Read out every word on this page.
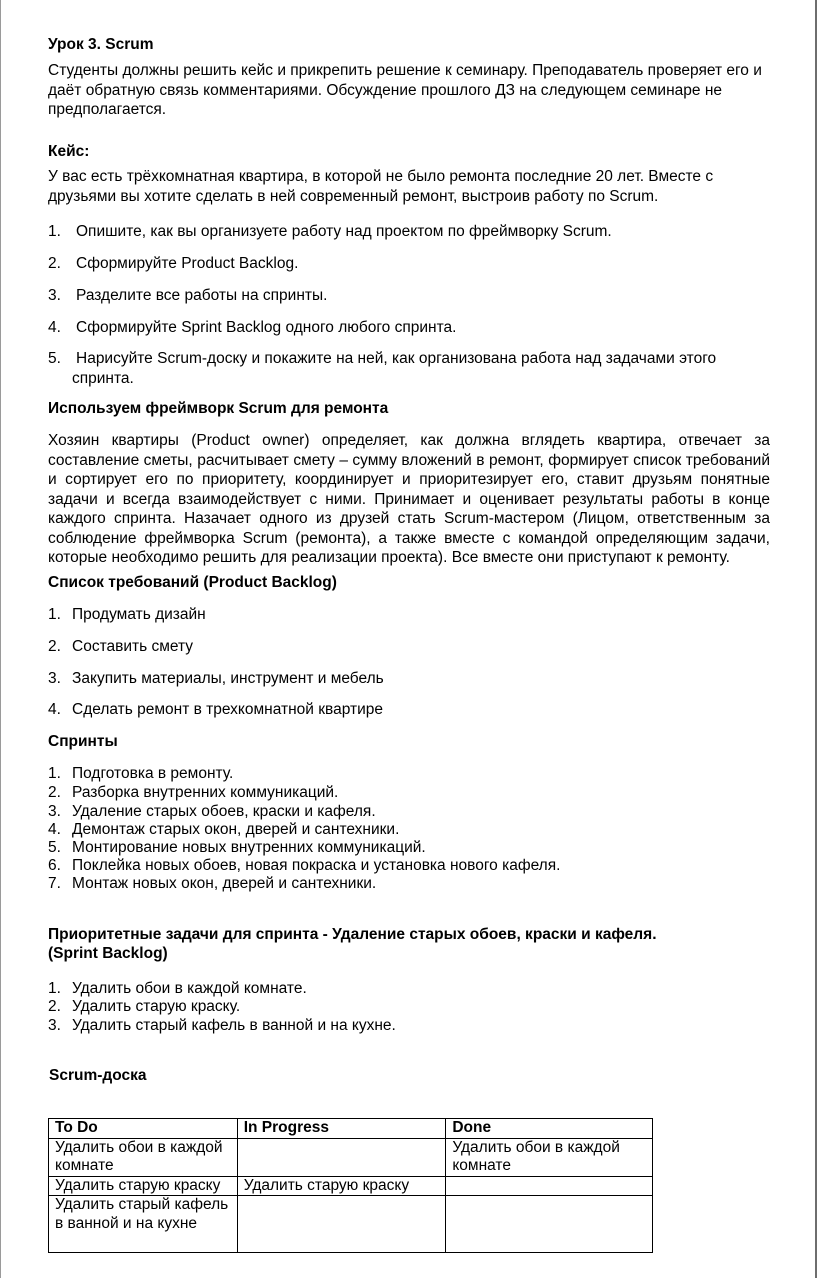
Урок 3. Scrum
Студенты должны решить кейс и прикрепить решение к семинару. Преподаватель проверяет его и даёт обратную связь комментариями. Обсуждение прошлого ДЗ на следующем семинаре не предполагается.
Кейс:
У вас есть трёхкомнатная квартира, в которой не было ремонта последние 20 лет. Вместе с друзьями вы хотите сделать в ней современный ремонт, выстроив работу по Scrum.
1. Опишите, как вы организуете работу над проектом по фреймворку Scrum.
2. Сформируйте Product Backlog.
3. Разделите все работы на спринты.
4. Сформируйте Sprint Backlog одного любого спринта.
5. Нарисуйте Scrum-доску и покажите на ней, как организована работа над задачами этого спринта.
Используем фреймворк Scrum для ремонта
Хозяин квартиры (Product owner) определяет, как должна вглядеть квартира, отвечает за составление сметы, расчитывает смету – сумму вложений в ремонт, формирует список требований и сортирует его по приоритету, координирует и приоритезирует его, ставит друзьям понятные задачи и всегда взаимодействует с ними. Принимает и оценивает результаты работы в конце каждого спринта. Назачает одного из друзей стать Scrum-мастером (Лицом, ответственным за соблюдение фреймворка Scrum (ремонта), а также вместе с командой определяющим задачи, которые необходимо решить для реализации проекта). Все вместе они приступают к ремонту.
Список требований (Product Backlog)
1. Продумать дизайн
2. Составить смету
3. Закупить материалы, инструмент и мебель
4. Сделать ремонт в трехкомнатной квартире
Спринты
1. Подготовка в ремонту.
2. Разборка внутренних коммуникаций.
3. Удаление старых обоев, краски и кафеля.
4. Демонтаж старых окон, дверей и сантехники.
5. Монтирование новых внутренних коммуникаций.
6. Поклейка новых обоев, новая покраска и установка нового кафеля.
7. Монтаж новых окон, дверей и сантехники.
Приоритетные задачи для спринта - Удаление старых обоев, краски и кафеля.
(Sprint Backlog)
1. Удалить обои в каждой комнате.
2. Удалить старую краску.
3. Удалить старый кафель в ванной и на кухне.
Scrum-доска
To Do	In Progress	Done
Удалить обои в каждой комнате		Удалить обои в каждой комнате
Удалить старую краску	Удалить старую краску	
Удалить старый кафель в ванной и на кухне		
